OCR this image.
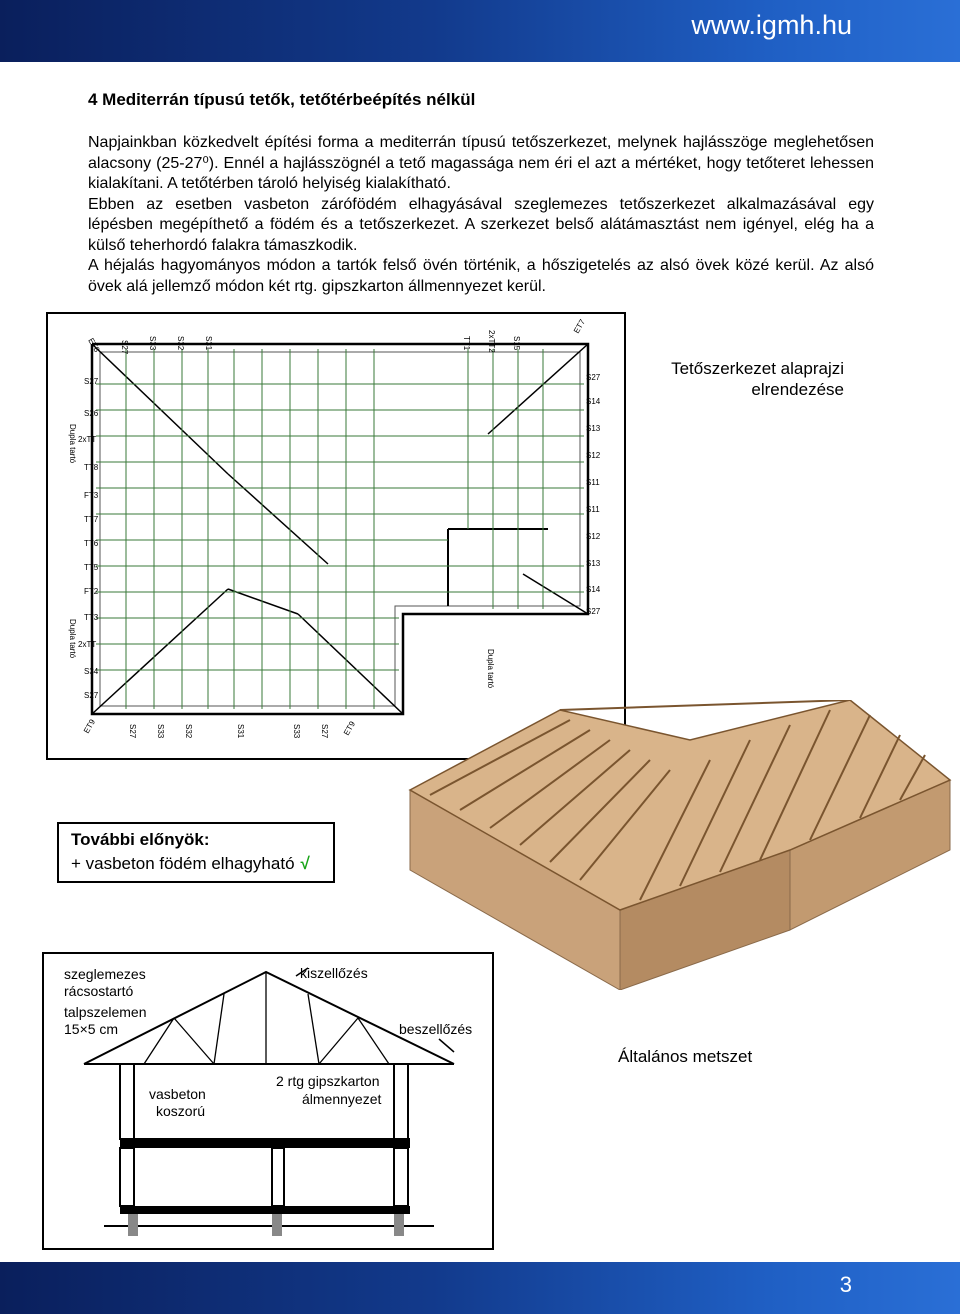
www.igmh.hu
4 Mediterrán típusú tetők, tetőtérbeépítés nélkül

Napjainkban közkedvelt építési forma a mediterrán típusú tetőszerkezet, melynek hajlásszöge meglehetősen alacsony (25-27⁰). Ennél a hajlásszögnél a tető magassága nem éri el azt a mértéket, hogy tetőteret lehessen kialakítani. A tetőtérben tároló helyiség kialakítható.

Ebben az esetben vasbeton zárófödém elhagyásával szeglemezes tetőszerkezet alkalmazásával egy lépésben megépíthető a födém és a tetőszerkezet. A szerkezet belső alátámasztást nem igényel, elég ha a külső teherhordó falakra támaszkodik.

A héjalás hagyományos módon a tartók felső övén történik, a hőszigetelés az alsó övek közé kerül. Az alsó övek alá jellemző módon két rtg. gipszkarton állmennyezet kerül.

S27
S26
2xTT
TT8
FT3
TT7
TT6
TT5
FT2
TT3
2xTT
S34
S27
Dupla tartó
Dupla tartó
S27
S14
S13
S12
S11
S11
S12
S13
S14
S27
ET8 S27 S33 S32 S31	TT1 2xTT2 S15
ET7
ET9	S27 S33 S32	S31	S33 S27 ET9
Dupla tartó
Tetőszerkezet alaprajzi
elrendezése
További előnyök:
+ vasbeton födém elhagyható √
szeglemezes
rácsostartó
talpszelemen
15×5 cm
kiszellőzés
beszellőzés
2 rtg gipszkarton
álmennyezet
vasbeton
koszorú
Általános metszet
3
